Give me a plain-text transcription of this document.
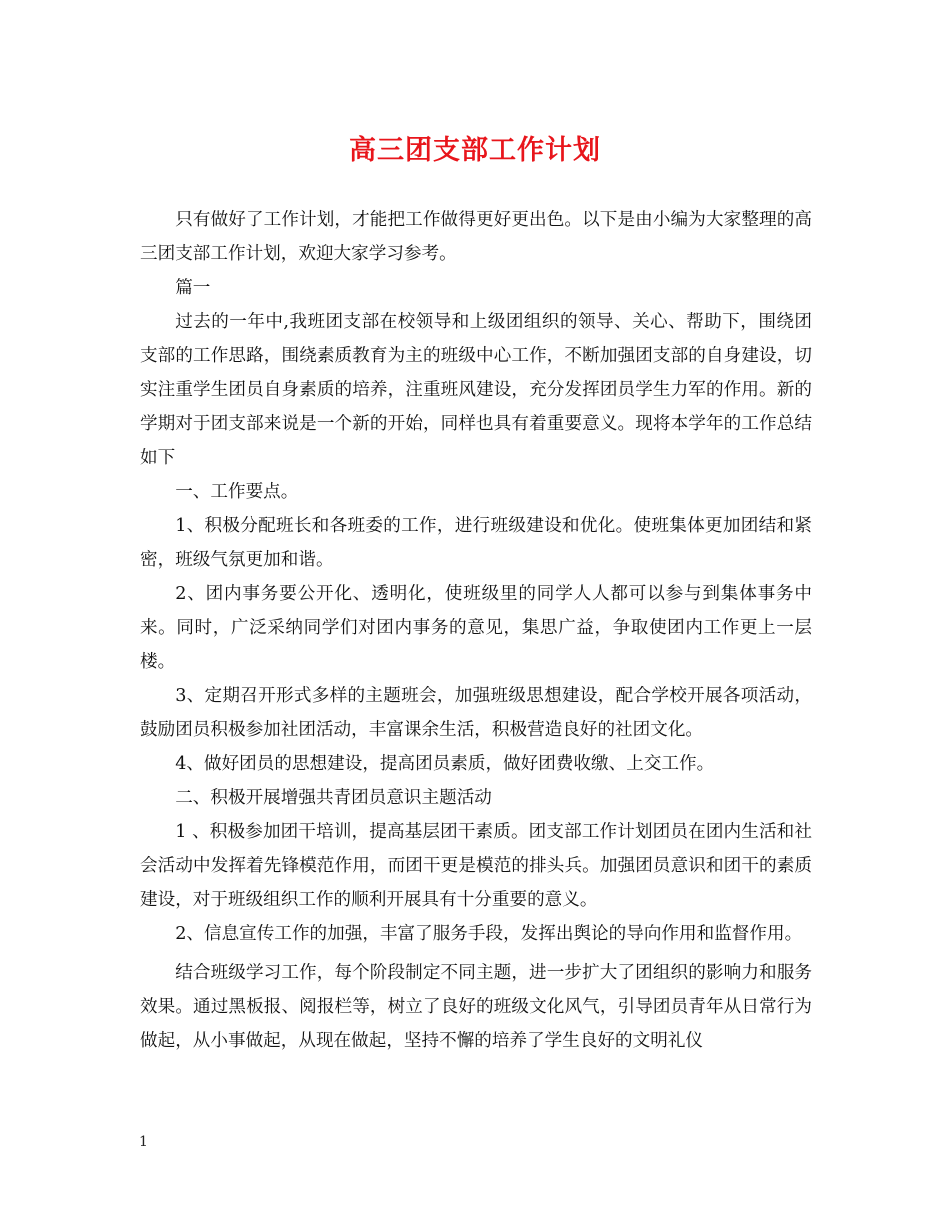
高三团支部工作计划

只有做好了工作计划，才能把工作做得更好更出色。以下是由小编为大家整理的高三团支部工作计划，欢迎大家学习参考。

篇一

过去的一年中,我班团支部在校领导和上级团组织的领导、关心、帮助下，围绕团支部的工作思路，围绕素质教育为主的班级中心工作，不断加强团支部的自身建设，切实注重学生团员自身素质的培养，注重班风建设，充分发挥团员学生力军的作用。新的学期对于团支部来说是一个新的开始，同样也具有着重要意义。现将本学年的工作总结如下

一、工作要点。

1、积极分配班长和各班委的工作，进行班级建设和优化。使班集体更加团结和紧密，班级气氛更加和谐。

2、团内事务要公开化、透明化，使班级里的同学人人都可以参与到集体事务中来。同时，广泛采纳同学们对团内事务的意见，集思广益，争取使团内工作更上一层楼。

3、定期召开形式多样的主题班会，加强班级思想建设，配合学校开展各项活动，鼓励团员积极参加社团活动，丰富课余生活，积极营造良好的社团文化。

4、做好团员的思想建设，提高团员素质，做好团费收缴、上交工作。

二、积极开展增强共青团员意识主题活动

1 、积极参加团干培训，提高基层团干素质。团支部工作计划团员在团内生活和社会活动中发挥着先锋模范作用，而团干更是模范的排头兵。加强团员意识和团干的素质建设，对于班级组织工作的顺利开展具有十分重要的意义。

2、信息宣传工作的加强，丰富了服务手段，发挥出舆论的导向作用和监督作用。

结合班级学习工作，每个阶段制定不同主题，进一步扩大了团组织的影响力和服务效果。通过黑板报、阅报栏等，树立了良好的班级文化风气，引导团员青年从日常行为做起，从小事做起，从现在做起，坚持不懈的培养了学生良好的文明礼仪

1
